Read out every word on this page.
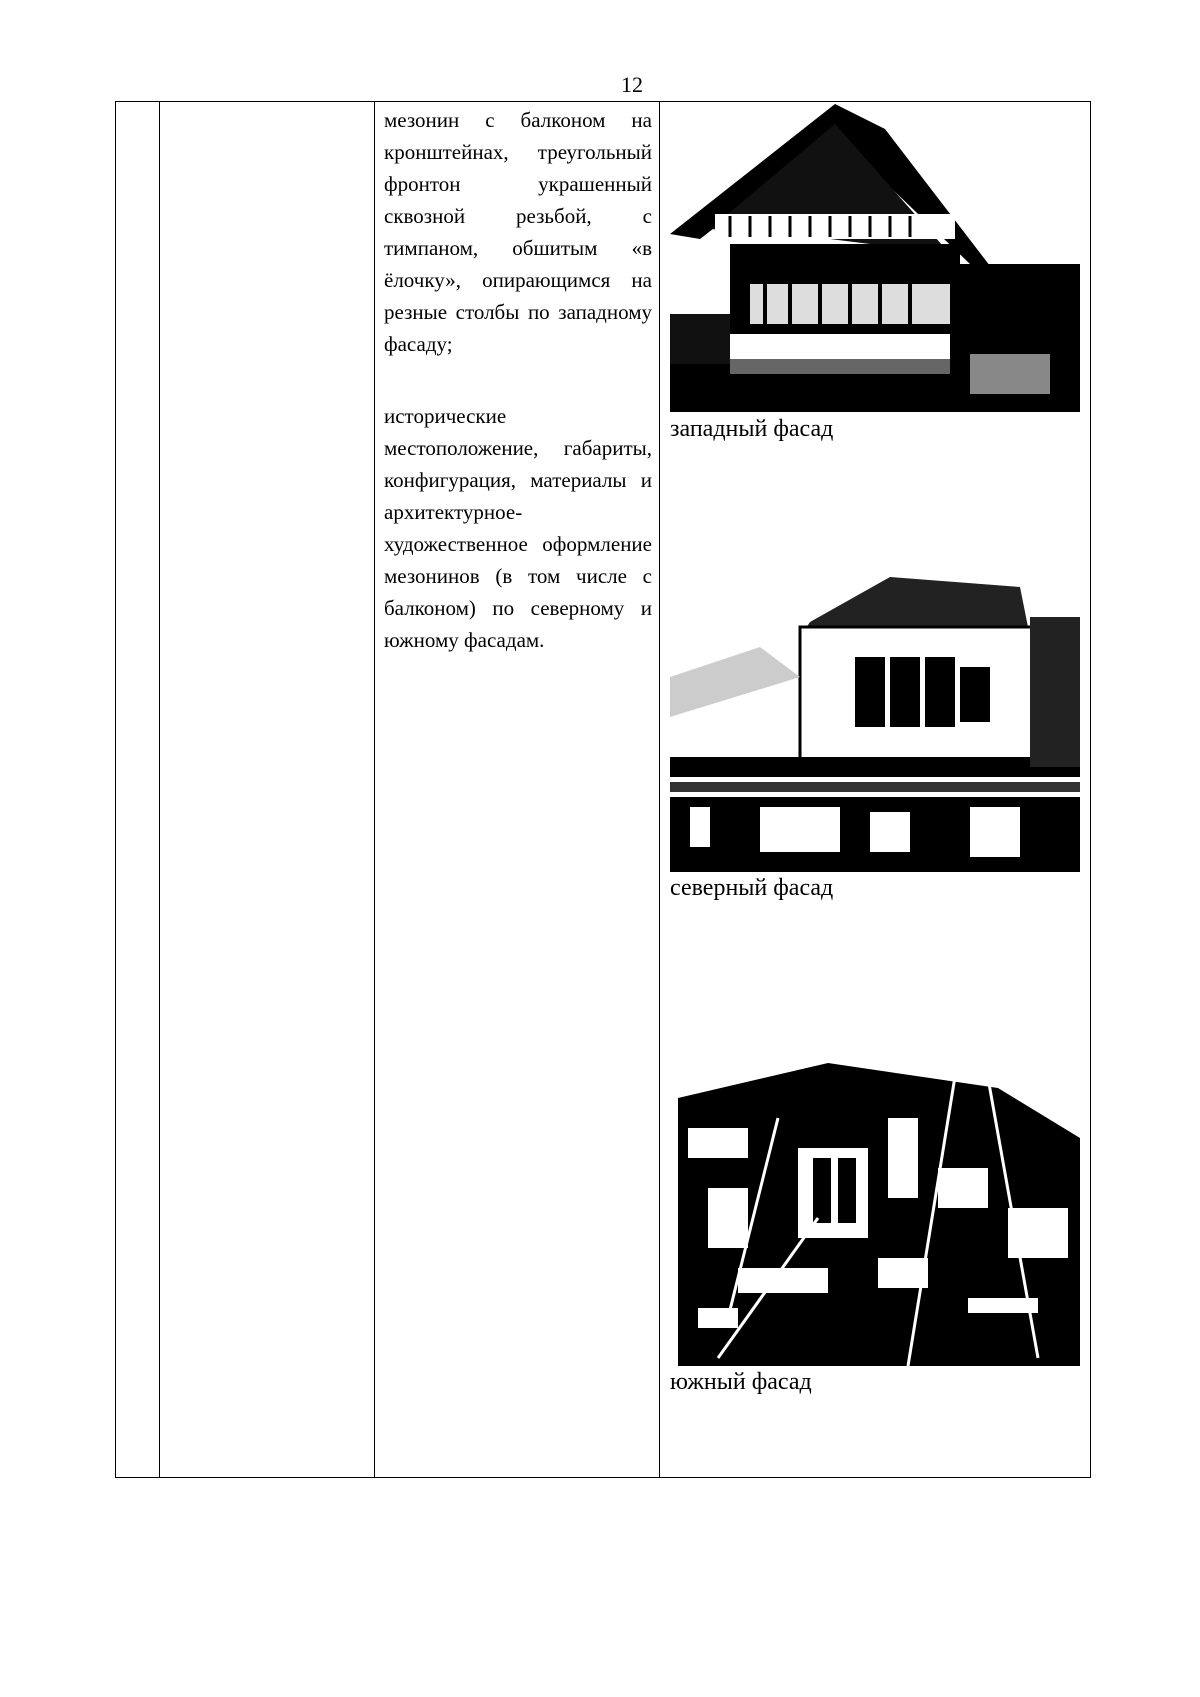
12

мезонин с балконом на кронштейнах, треугольный фронтон украшенный сквозной резьбой, с тимпаном, обшитым «в ёлочку», опирающимся на резные столбы по западному фасаду;

исторические местоположение, габариты, конфигурация, материалы и архитектурное-художественное оформление мезонинов (в том числе с балконом) по северному и южному фасадам.

западный фасад
северный фасад
южный фасад
